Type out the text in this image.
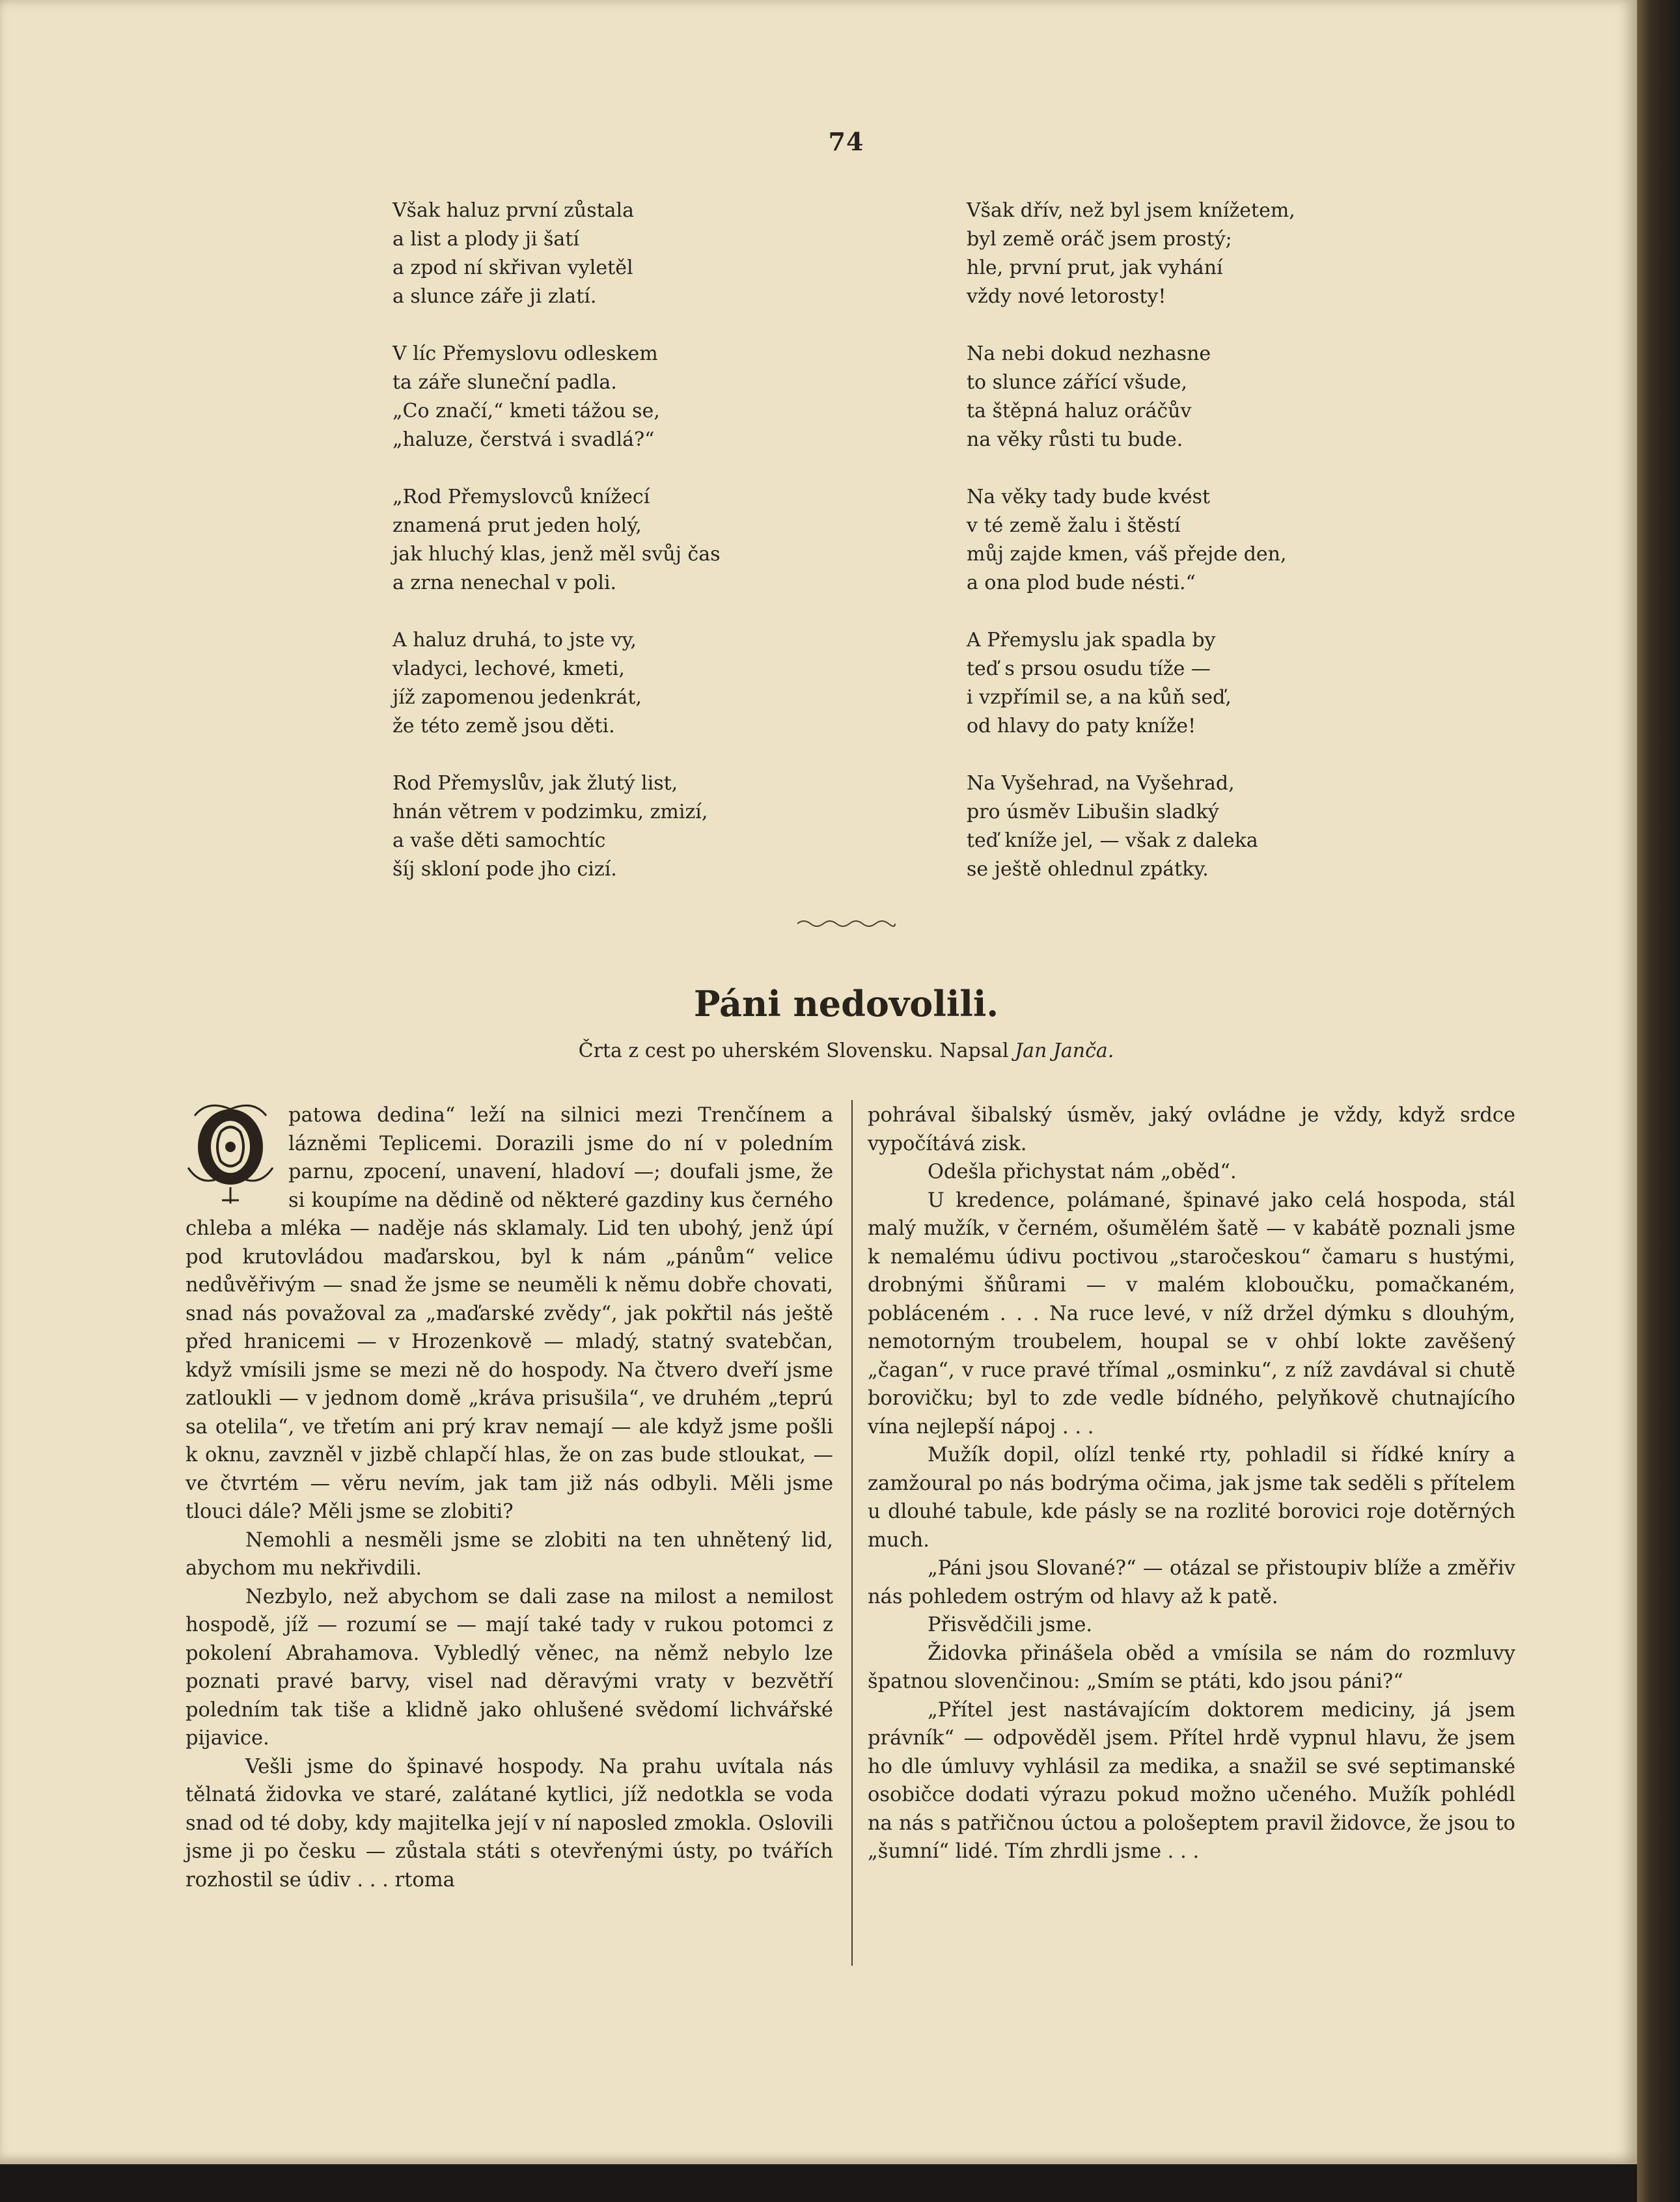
74
Však haluz první zůstala
a list a plody ji šatí
a zpod ní skřivan vyletěl
a slunce záře ji zlatí.
V líc Přemyslovu odleskem
ta záře sluneční padla.
„Co značí,“ kmeti tážou se,
„haluze, čerstvá i svadlá?“
„Rod Přemyslovců knížecí
znamená prut jeden holý,
jak hluchý klas, jenž měl svůj čas
a zrna nenechal v poli.
A haluz druhá, to jste vy,
vladyci, lechové, kmeti,
jíž zapomenou jedenkrát,
že této země jsou děti.
Rod Přemyslův, jak žlutý list,
hnán větrem v podzimku, zmizí,
a vaše děti samochtíc
šíj skloní pode jho cizí.
Však dřív, než byl jsem knížetem,
byl země oráč jsem prostý;
hle, první prut, jak vyhání
vždy nové letorosty!
Na nebi dokud nezhasne
to slunce zářící všude,
ta štěpná haluz oráčův
na věky růsti tu bude.
Na věky tady bude kvést
v té země žalu i štěstí
můj zajde kmen, váš přejde den,
a ona plod bude nésti.“
A Přemyslu jak spadla by
teď s prsou osudu tíže —
i vzpřímil se, a na kůň seď,
od hlavy do paty kníže!
Na Vyšehrad, na Vyšehrad,
pro úsměv Libušin sladký
teď kníže jel, — však z daleka
se ještě ohlednul zpátky.
Páni nedovolili.
Črta z cest po uherském Slovensku. Napsal Jan Janča.

patowa dedina“ leží na silnici mezi Trenčínem a lázněmi Teplicemi. Dorazili jsme do ní v poledním parnu, zpocení, unavení, hladoví —; doufali jsme, že si koupíme na dědině od některé gazdiny kus černého chleba a mléka — naděje nás sklamaly. Lid ten ubohý, jenž úpí pod krutovládou maďarskou, byl k nám „pánům“ velice nedůvěřivým — snad že jsme se neuměli k němu dobře chovati, snad nás považoval za „maďarské zvědy“, jak pokřtil nás ještě před hranicemi — v Hrozenkově — mladý, statný svatebčan, když vmísili jsme se mezi ně do hospody. Na čtvero dveří jsme zatloukli — v jednom domě „kráva prisušila“, ve druhém „teprú sa otelila“, ve třetím ani prý krav nemají — ale když jsme pošli k oknu, zavzněl v jizbě chlapčí hlas, že on zas bude stloukat, — ve čtvrtém — věru nevím, jak tam již nás odbyli. Měli jsme tlouci dále? Měli jsme se zlobiti?

Nemohli a nesměli jsme se zlobiti na ten uhnětený lid, abychom mu nekřivdili.

Nezbylo, než abychom se dali zase na milost a nemilost hospodě, jíž — rozumí se — mají také tady v rukou potomci z pokolení Abrahamova. Vybledlý věnec, na němž nebylo lze poznati pravé barvy, visel nad děravými vraty v bezvětří poledním tak tiše a klidně jako ohlušené svědomí lichvářské pijavice.

Vešli jsme do špinavé hospody. Na prahu uvítala nás tělnatá židovka ve staré, zalátané kytlici, jíž nedotkla se voda snad od té doby, kdy majitelka její v ní naposled zmokla. Oslovili jsme ji po česku — zůstala státi s otevřenými ústy, po tvářích rozhostil se údiv . . . rtoma

pohrával šibalský úsměv, jaký ovládne je vždy, když srdce vypočítává zisk.

Odešla přichystat nám „oběd“.

U kredence, polámané, špinavé jako celá hospoda, stál malý mužík, v černém, ošumělém šatě — v kabátě poznali jsme k nemalému údivu poctivou „staročeskou“ čamaru s hustými, drobnými šňůrami — v malém kloboučku, pomačkaném, pobláceném . . . Na ruce levé, v níž držel dýmku s dlouhým, nemotorným troubelem, houpal se v ohbí lokte zavěšený „čagan“, v ruce pravé třímal „osminku“, z níž zavdával si chutě borovičku; byl to zde vedle bídného, pelyňkově chutnajícího vína nejlepší nápoj . . .

Mužík dopil, olízl tenké rty, pohladil si řídké kníry a zamžoural po nás bodrýma očima, jak jsme tak seděli s přítelem u dlouhé tabule, kde pásly se na rozlité borovici roje dotěrných much.

„Páni jsou Slované?“ — otázal se přistoupiv blíže a změřiv nás pohledem ostrým od hlavy až k patě.

Přisvědčili jsme.

Židovka přinášela oběd a vmísila se nám do rozmluvy špatnou slovenčinou: „Smím se ptáti, kdo jsou páni?“

„Přítel jest nastávajícím doktorem mediciny, já jsem právník“ — odpověděl jsem. Přítel hrdě vypnul hlavu, že jsem ho dle úmluvy vyhlásil za medika, a snažil se své septimanské osobičce dodati výrazu pokud možno učeného. Mužík pohlédl na nás s patřičnou úctou a pološeptem pravil židovce, že jsou to „šumní“ lidé. Tím zhrdli jsme . . .
